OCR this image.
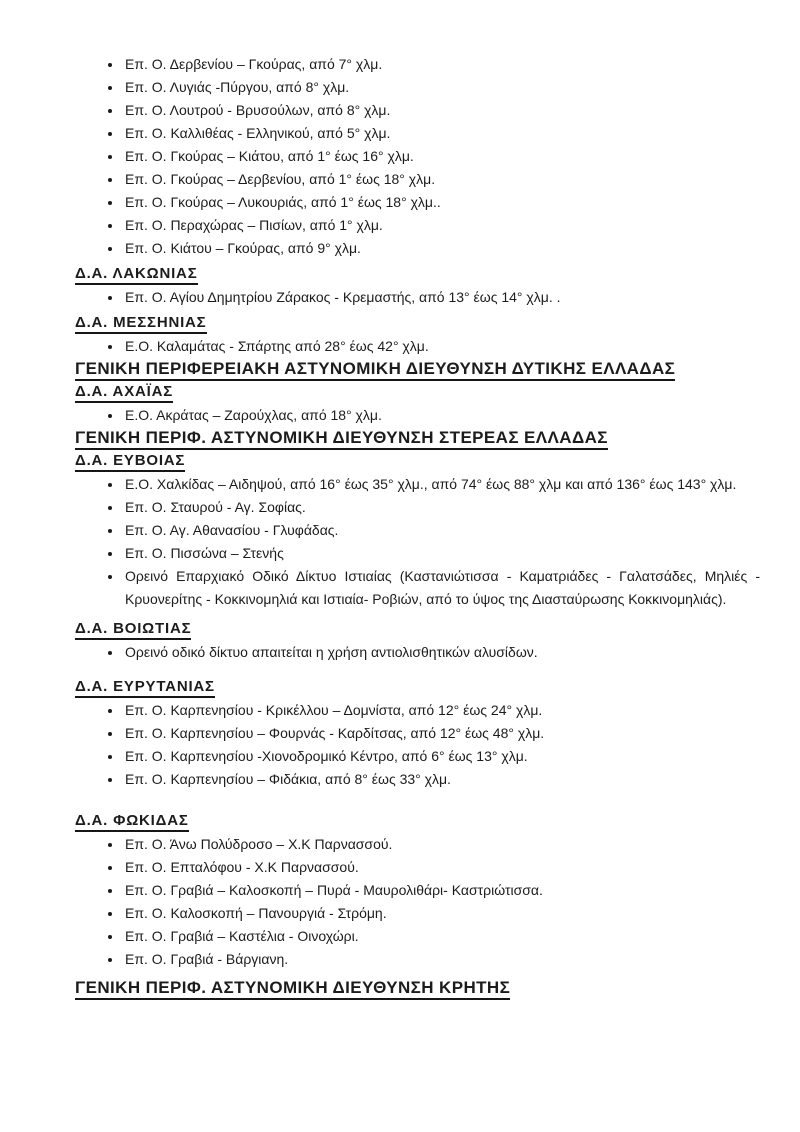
• Επ. Ο. Δερβενίου – Γκούρας, από 7° χλμ.
• Επ. Ο. Λυγιάς -Πύργου, από 8° χλμ.
• Επ. Ο. Λουτρού - Βρυσούλων, από 8° χλμ.
• Επ. Ο. Καλλιθέας - Ελληνικού, από 5° χλμ.
• Επ. Ο. Γκούρας – Κιάτου, από 1° έως 16° χλμ.
• Επ. Ο. Γκούρας – Δερβενίου, από 1° έως 18° χλμ.
• Επ. Ο. Γκούρας – Λυκουριάς, από 1° έως 18° χλμ..
• Επ. Ο. Περαχώρας – Πισίων, από 1° χλμ.
• Επ. Ο. Κιάτου – Γκούρας, από 9° χλμ.
Δ.Α. ΛΑΚΩΝΙΑΣ
• Επ. Ο. Αγίου Δημητρίου Ζάρακος - Κρεμαστής, από 13° έως 14° χλμ. .
Δ.Α. ΜΕΣΣΗΝΙΑΣ
• Ε.Ο. Καλαμάτας - Σπάρτης από 28° έως 42° χλμ.
ΓΕΝΙΚΗ ΠΕΡΙΦΕΡΕΙΑΚΗ ΑΣΤΥΝΟΜΙΚΗ ΔΙΕΥΘΥΝΣΗ ΔΥΤΙΚΗΣ ΕΛΛΑΔΑΣ
Δ.Α. ΑΧΑΪΑΣ
• Ε.Ο. Ακράτας – Ζαρούχλας, από 18° χλμ.
ΓΕΝΙΚΗ ΠΕΡΙΦ. ΑΣΤΥΝΟΜΙΚΗ ΔΙΕΥΘΥΝΣΗ ΣΤΕΡΕΑΣ ΕΛΛΑΔΑΣ
Δ.Α. ΕΥΒΟΙΑΣ
• Ε.Ο. Χαλκίδας – Αιδηψού, από 16° έως 35° χλμ., από 74° έως 88° χλμ και από 136° έως 143° χλμ.
• Επ. Ο. Σταυρού - Αγ. Σοφίας.
• Επ. Ο. Αγ. Αθανασίου - Γλυφάδας.
• Επ. Ο. Πισσώνα – Στενής
• Ορεινό Επαρχιακό Οδικό Δίκτυο Ιστιαίας (Καστανιώτισσα - Καματριάδες - Γαλατσάδες, Μηλιές - Κρυονερίτης - Κοκκινομηλιά και Ιστιαία- Ροβιών, από το ύψος της Διασταύρωσης Κοκκινομηλιάς).
Δ.Α. ΒΟΙΩΤΙΑΣ
• Ορεινό οδικό δίκτυο απαιτείται η χρήση αντιολισθητικών αλυσίδων.
Δ.Α. ΕΥΡΥΤΑΝΙΑΣ
• Επ. Ο. Καρπενησίου - Κρικέλλου – Δομνίστα, από 12° έως 24° χλμ.
• Επ. Ο. Καρπενησίου – Φουρνάς - Καρδίτσας, από 12° έως 48° χλμ.
• Επ. Ο. Καρπενησίου -Χιονοδρομικό Κέντρο, από 6° έως 13° χλμ.
• Επ. Ο. Καρπενησίου – Φιδάκια, από 8° έως 33° χλμ.
Δ.Α. ΦΩΚΙΔΑΣ
• Επ. Ο. Άνω Πολύδροσο – Χ.Κ Παρνασσού.
• Επ. Ο. Επταλόφου - Χ.Κ Παρνασσού.
• Επ. Ο. Γραβιά – Καλοσκοπή – Πυρά - Μαυρολιθάρι- Καστριώτισσα.
• Επ. Ο. Καλοσκοπή – Πανουργιά - Στρόμη.
• Επ. Ο. Γραβιά – Καστέλια - Οινοχώρι.
• Επ. Ο. Γραβιά - Βάργιανη.
ΓΕΝΙΚΗ ΠΕΡΙΦ. ΑΣΤΥΝΟΜΙΚΗ ΔΙΕΥΘΥΝΣΗ ΚΡΗΤΗΣ
